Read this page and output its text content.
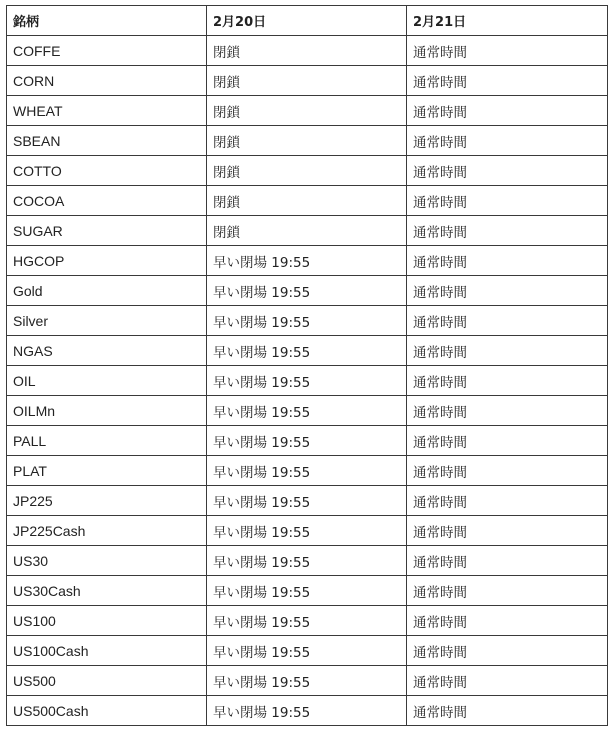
銘柄	2月20日	2月21日
COFFE	閉鎖	通常時間
CORN	閉鎖	通常時間
WHEAT	閉鎖	通常時間
SBEAN	閉鎖	通常時間
COTTO	閉鎖	通常時間
COCOA	閉鎖	通常時間
SUGAR	閉鎖	通常時間
HGCOP	早い閉場 19:55	通常時間
Gold	早い閉場 19:55	通常時間
Silver	早い閉場 19:55	通常時間
NGAS	早い閉場 19:55	通常時間
OIL	早い閉場 19:55	通常時間
OILMn	早い閉場 19:55	通常時間
PALL	早い閉場 19:55	通常時間
PLAT	早い閉場 19:55	通常時間
JP225	早い閉場 19:55	通常時間
JP225Cash	早い閉場 19:55	通常時間
US30	早い閉場 19:55	通常時間
US30Cash	早い閉場 19:55	通常時間
US100	早い閉場 19:55	通常時間
US100Cash	早い閉場 19:55	通常時間
US500	早い閉場 19:55	通常時間
US500Cash	早い閉場 19:55	通常時間
